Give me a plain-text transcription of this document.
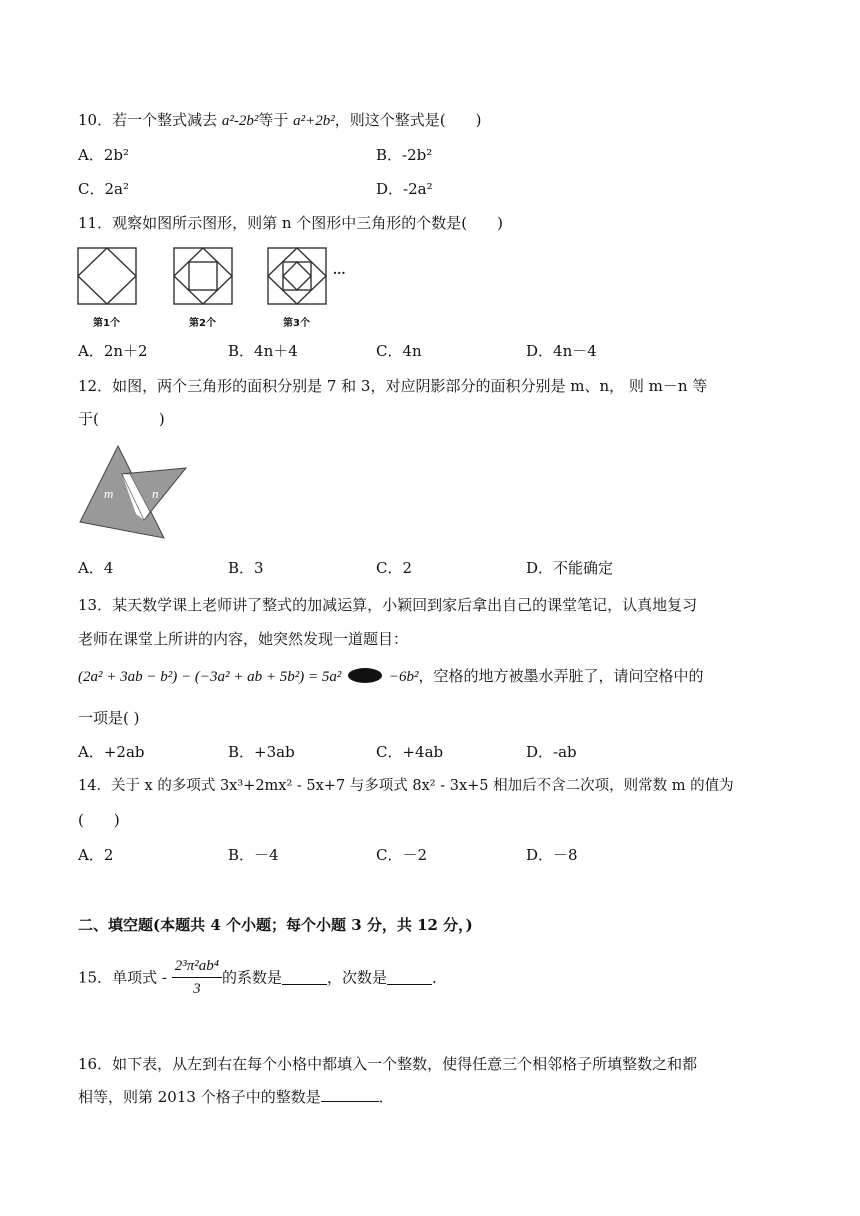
10．若一个整式减去 a²-2b²等于 a²+2b²，则这个整式是(　　)
A．2b²	B．-2b²
C．2a²	D．-2a²
11．观察如图所示图形，则第 n 个图形中三角形的个数是(　　)
···
第1个	第2个	第3个
A．2n＋2	B．4n＋4	C．4n	D．4n－4
12．如图，两个三角形的面积分别是 7 和 3，对应阴影部分的面积分别是 m、n， 则 m－n 等
于(　　　　)
m	n
A．4	B．3	C．2	D．不能确定
13．某天数学课上老师讲了整式的加减运算，小颖回到家后拿出自己的课堂笔记，认真地复习
老师在课堂上所讲的内容，她突然发现一道题目：
(2a² + 3ab − b²) − (−3a² + ab + 5b²) = 5a²	−6b²，空格的地方被墨水弄脏了，请问空格中的
一项是( )
A．+2ab	B．+3ab	C．+4ab	D．-ab
14．关于 x 的多项式 3x³+2mx² - 5x+7 与多项式 8x² - 3x+5 相加后不含二次项，则常数 m 的值为
(　　)
A．2	B．－4	C．－2	D．－8
二、填空题(本题共 4 个小题；每个小题 3 分，共 12 分，)
15．单项式 - $\frac{\text{2³π²ab⁴}}{3}$ 的系数是	，次数是	．
16．如下表，从左到右在每个小格中都填入一个整数，使得任意三个相邻格子所填整数之和都
相等，则第 2013 个格子中的整数是	．
